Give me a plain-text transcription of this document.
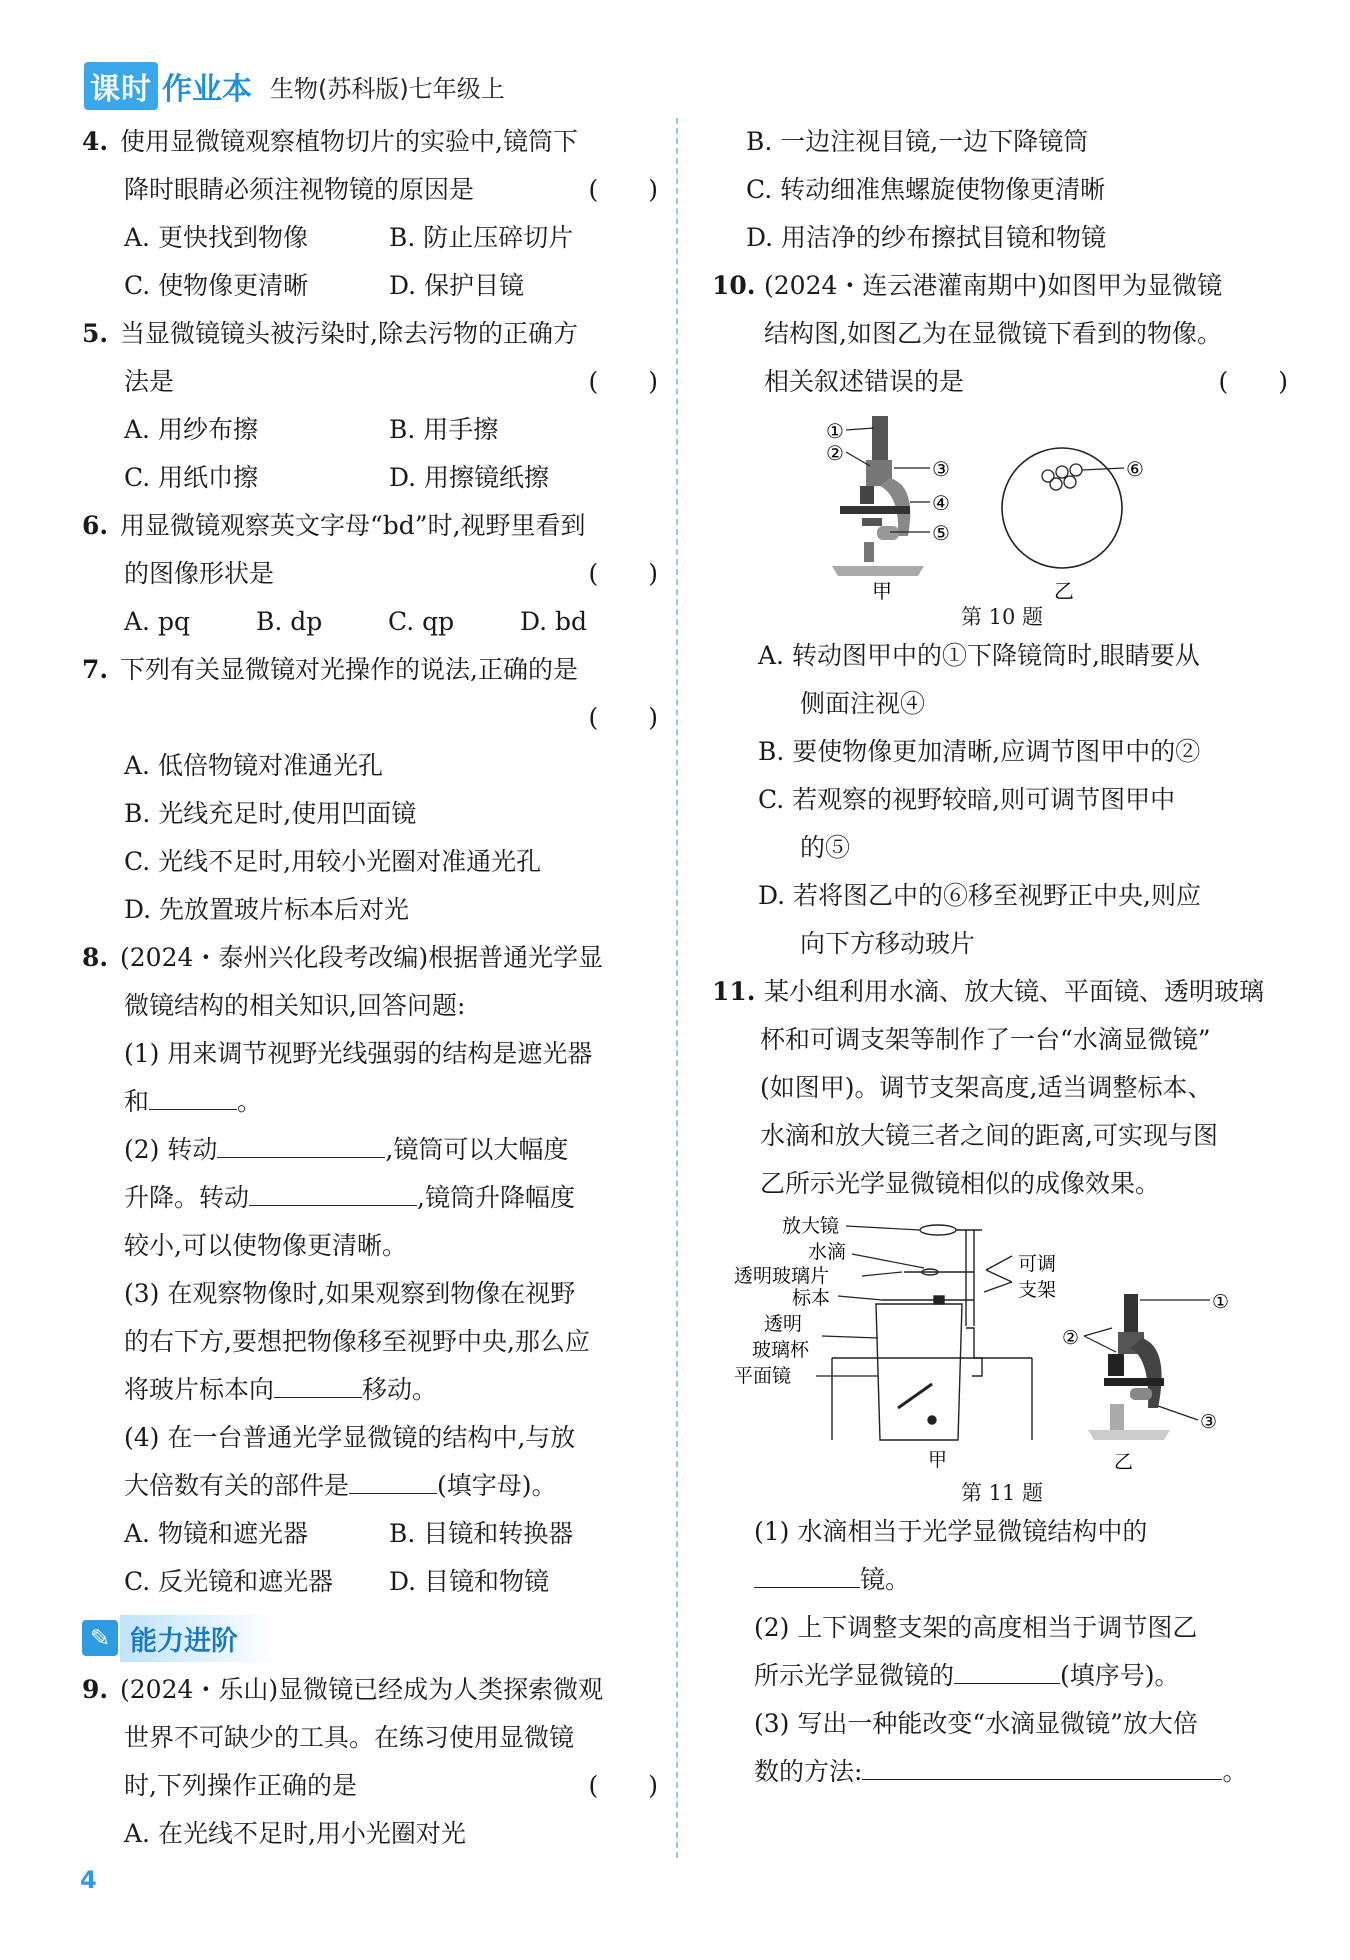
课时 作业本 生物(苏科版)七年级上
4. 使用显微镜观察植物切片的实验中,镜筒下
降时眼睛必须注视物镜的原因是	(　　)
A. 更快找到物像	B. 防止压碎切片
C. 使物像更清晰	D. 保护目镜
5. 当显微镜镜头被污染时,除去污物的正确方
法是	(　　)
A. 用纱布擦	B. 用手擦
C. 用纸巾擦	D. 用擦镜纸擦
6. 用显微镜观察英文字母“bd”时,视野里看到
的图像形状是	(　　)
A. pq	B. dp	C. qp	D. bd
7. 下列有关显微镜对光操作的说法,正确的是
(　　)
A. 低倍物镜对准通光孔
B. 光线充足时,使用凹面镜
C. 光线不足时,用较小光圈对准通光孔
D. 先放置玻片标本后对光
8. (2024・泰州兴化段考改编)根据普通光学显
微镜结构的相关知识,回答问题:
(1) 用来调节视野光线强弱的结构是遮光器
和	。
(2) 转动	,镜筒可以大幅度
升降。转动	,镜筒升降幅度
较小,可以使物像更清晰。
(3) 在观察物像时,如果观察到物像在视野
的右下方,要想把物像移至视野中央,那么应
将玻片标本向	移动。
(4) 在一台普通光学显微镜的结构中,与放
大倍数有关的部件是	(填字母)。
A. 物镜和遮光器	B. 目镜和转换器
C. 反光镜和遮光器 D. 目镜和物镜
✎ 能力进阶
9. (2024・乐山)显微镜已经成为人类探索微观
世界不可缺少的工具。在练习使用显微镜
时,下列操作正确的是	(　　)
A. 在光线不足时,用小光圈对光
B. 一边注视目镜,一边下降镜筒
C. 转动细准焦螺旋使物像更清晰
D. 用洁净的纱布擦拭目镜和物镜
10. (2024・连云港灌南期中)如图甲为显微镜
结构图,如图乙为在显微镜下看到的物像。
相关叙述错误的是	(　　)
①
②
③
④
⑤
甲
⑥
乙
第 10 题
A. 转动图甲中的①下降镜筒时,眼睛要从
侧面注视④
B. 要使物像更加清晰,应调节图甲中的②
C. 若观察的视野较暗,则可调节图甲中
的⑤
D. 若将图乙中的⑥移至视野正中央,则应
向下方移动玻片
11. 某小组利用水滴、放大镜、平面镜、透明玻璃
杯和可调支架等制作了一台“水滴显微镜”
(如图甲)。调节支架高度,适当调整标本、
水滴和放大镜三者之间的距离,可实现与图
乙所示光学显微镜相似的成像效果。
放大镜
水滴
透明玻璃片
标本
透明
玻璃杯
平面镜
可调
支架
甲
①
②
③
乙
第 11 题
(1) 水滴相当于光学显微镜结构中的
镜。
(2) 上下调整支架的高度相当于调节图乙
所示光学显微镜的	(填序号)。
(3) 写出一种能改变“水滴显微镜”放大倍
数的方法:	。
4
